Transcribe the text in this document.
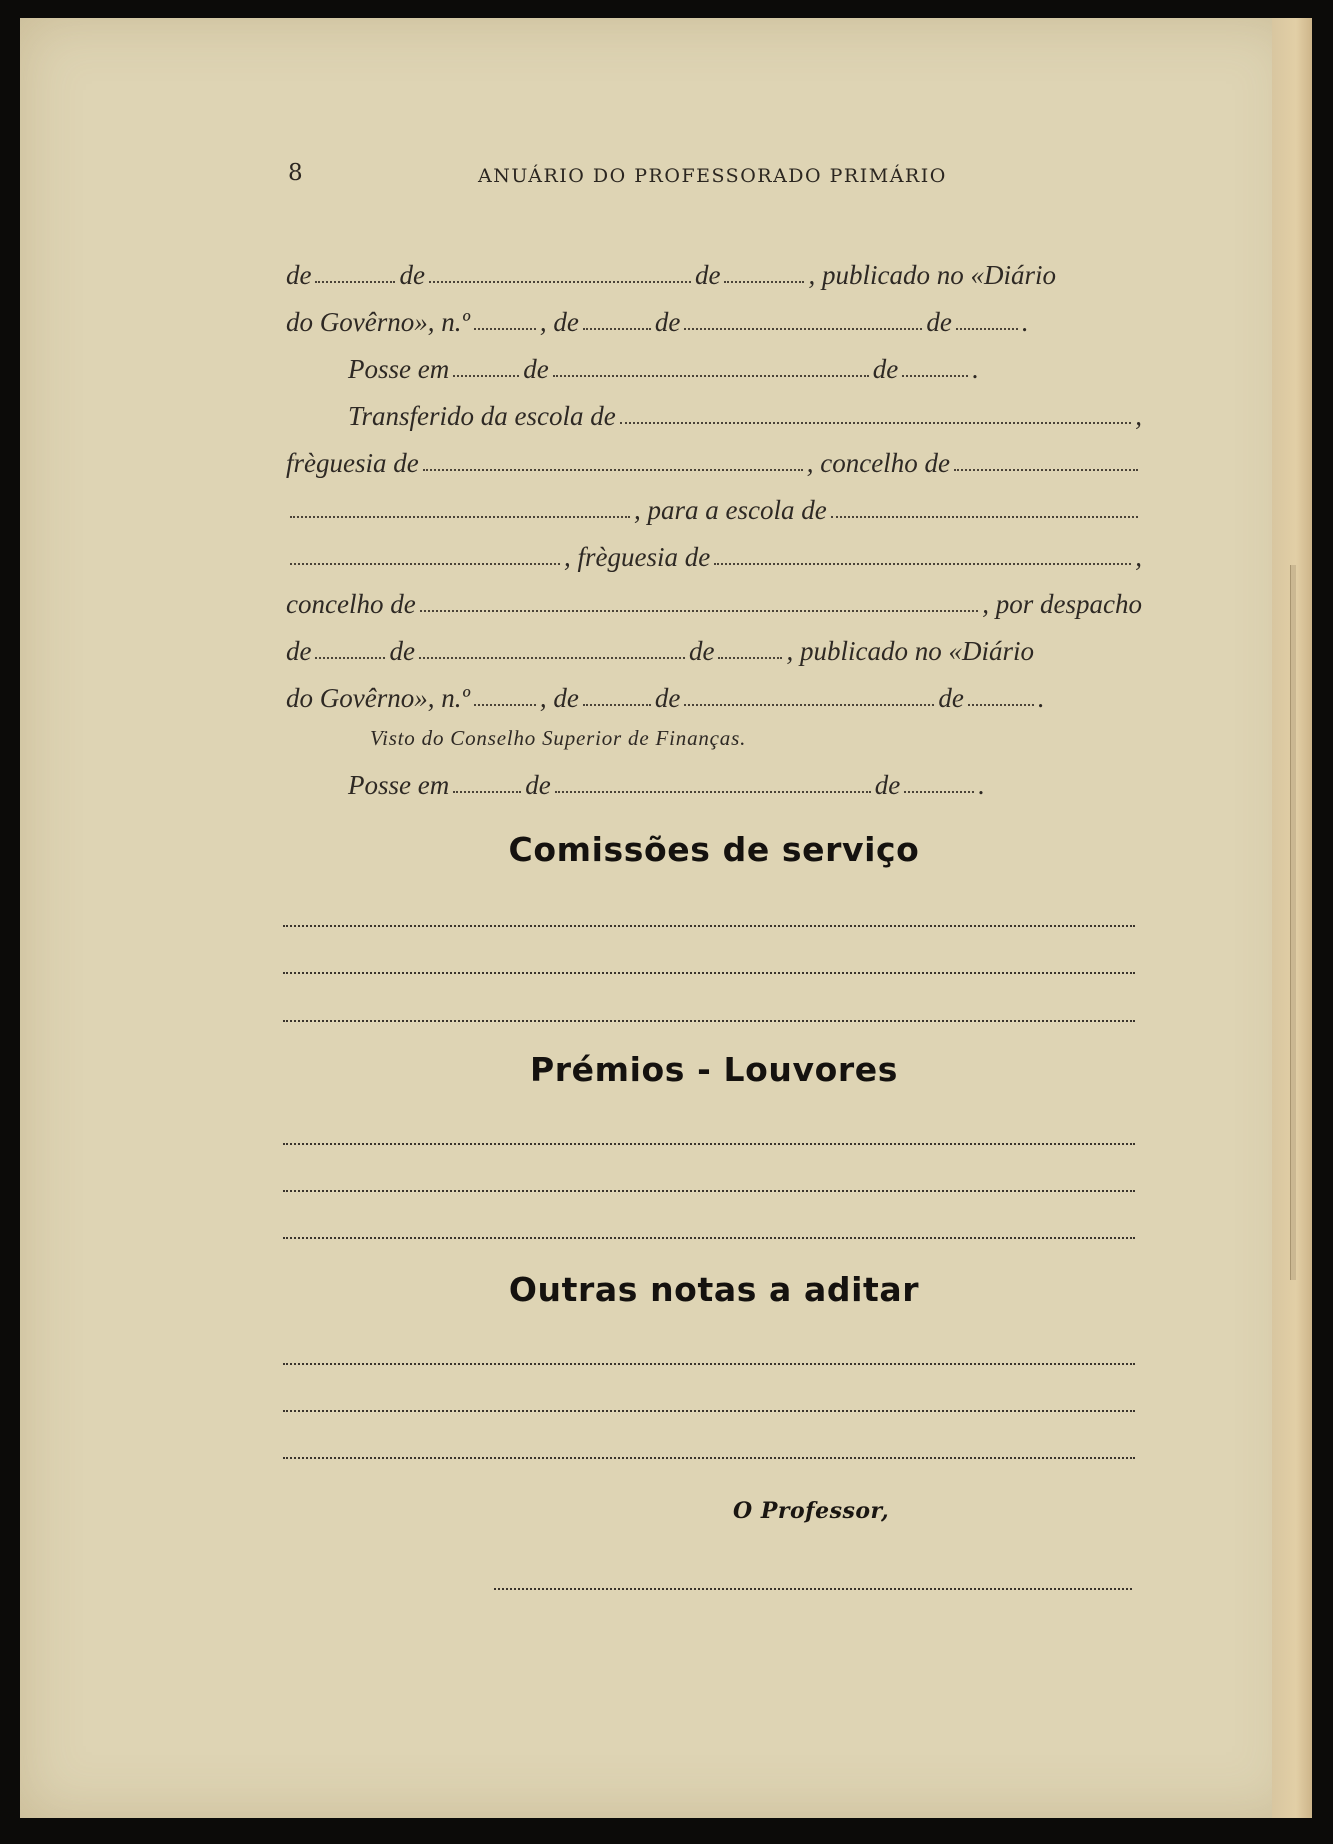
8	ANUÁRIO DO PROFESSORADO PRIMÁRIO
de	de	de	, publicado no «Diário
do Govêrno», n.º	, de	de	de	.
Posse em	de	de	.
Transferido da escola de	,
frèguesia de	, concelho de
, para a escola de
, frèguesia de	,
concelho de	, por despacho
de	de	de	, publicado no «Diário
do Govêrno», n.º	, de	de	de	.
Visto do Conselho Superior de Finanças.
Posse em	de	de	.
Comissões de serviço
Prémios - Louvores
Outras notas a aditar
O Professor,
